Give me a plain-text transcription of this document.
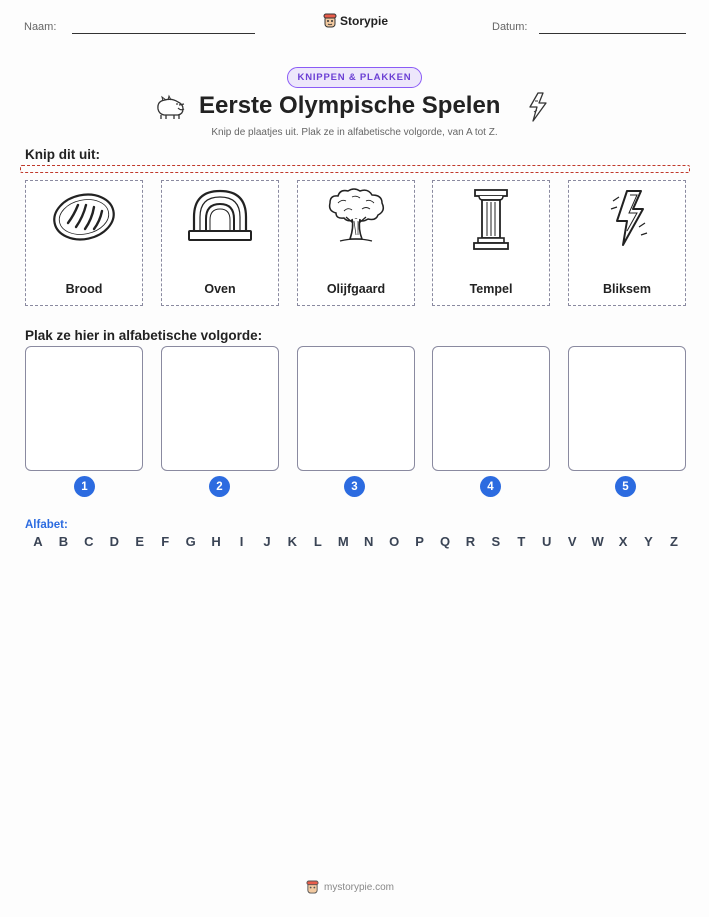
Naam:	Storypie	Datum:
KNIPPEN & PLAKKEN
Eerste Olympische Spelen
Knip de plaatjes uit. Plak ze in alfabetische volgorde, van A tot Z.
Knip dit uit:
Brood	Oven	Olijfgaard	Tempel	Bliksem
Plak ze hier in alfabetische volgorde:
1	2	3	4	5
Alfabet:
A B C D E F G H	I	J K L M N O P Q R S T U V W X Y Z
mystorypie.com
